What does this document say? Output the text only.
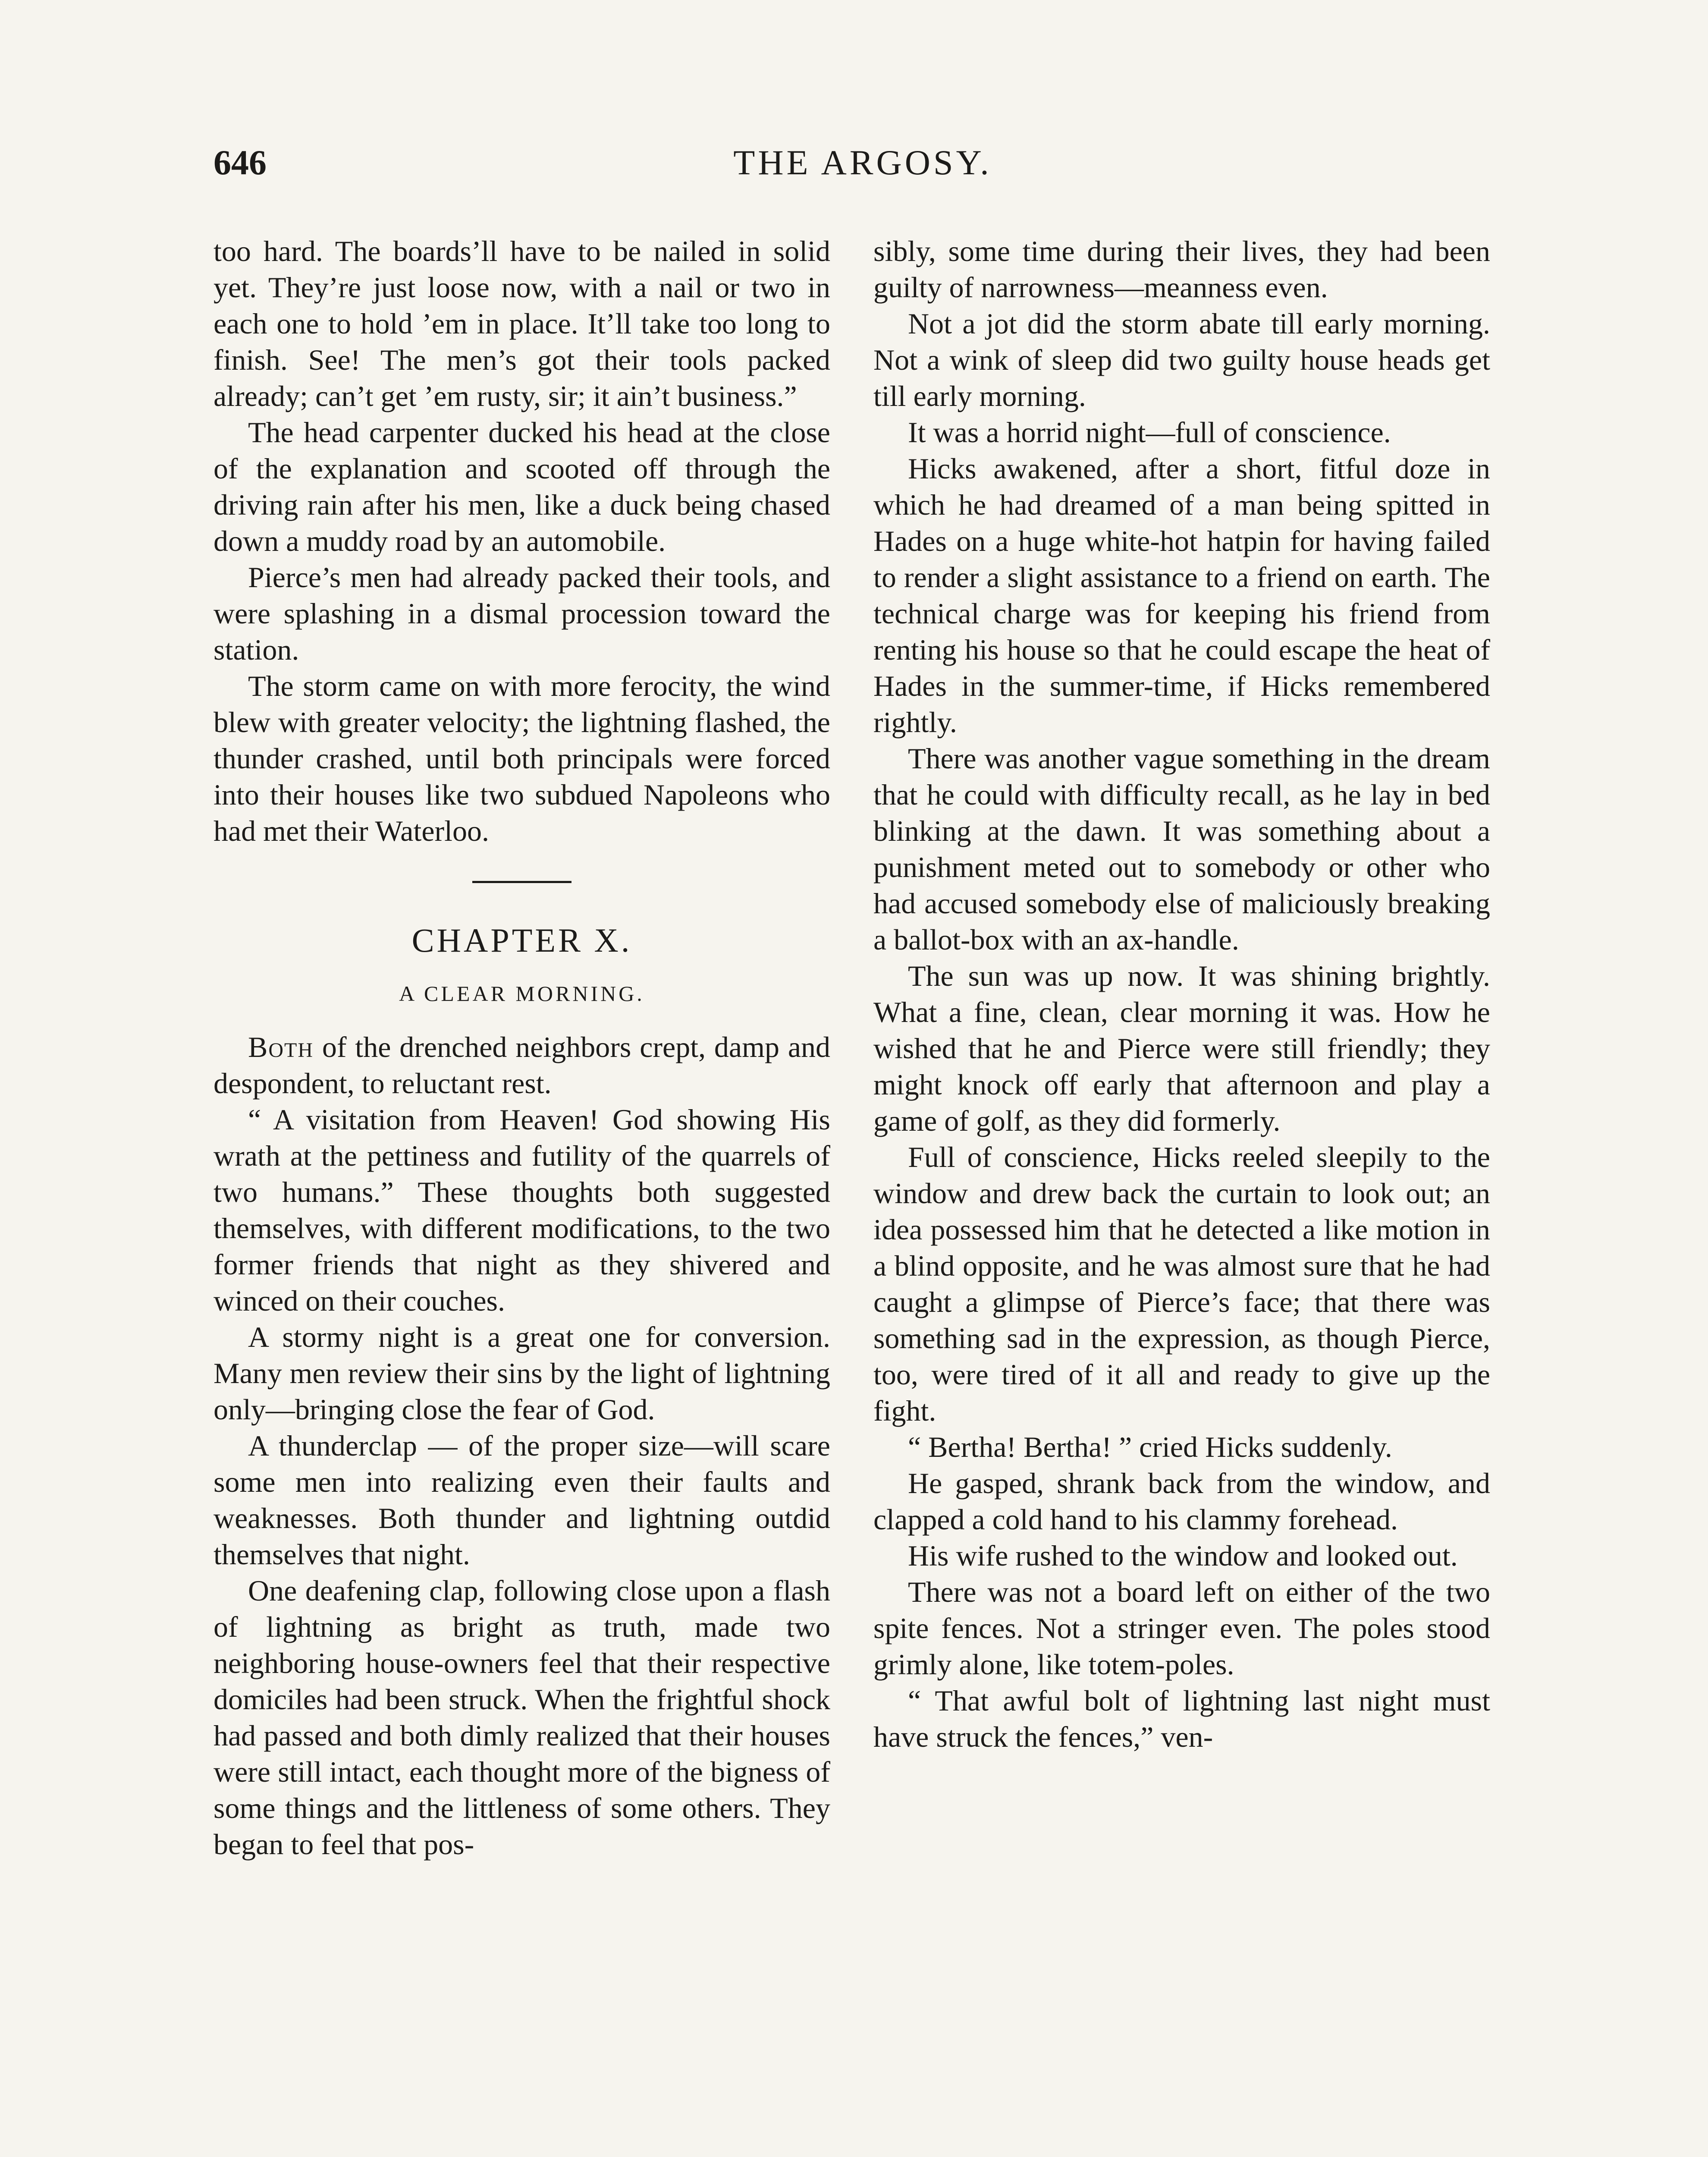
646	THE ARGOSY.

too hard. The boards’ll have to be nailed in solid yet. They’re just loose now, with a nail or two in each one to hold ’em in place. It’ll take too long to finish. See! The men’s got their tools packed already; can’t get ’em rusty, sir; it ain’t business.”

The head carpenter ducked his head at the close of the explanation and scooted off through the driving rain after his men, like a duck being chased down a muddy road by an automobile.

Pierce’s men had already packed their tools, and were splashing in a dismal procession toward the station.

The storm came on with more ferocity, the wind blew with greater velocity; the lightning flashed, the thunder crashed, until both principals were forced into their houses like two subdued Napoleons who had met their Waterloo.

CHAPTER X.
A CLEAR MORNING.

Both of the drenched neighbors crept, damp and despondent, to reluctant rest.

“ A visitation from Heaven! God showing His wrath at the pettiness and futility of the quarrels of two humans.” These thoughts both suggested themselves, with different modifications, to the two former friends that night as they shivered and winced on their couches.

A stormy night is a great one for conversion. Many men review their sins by the light of lightning only—bringing close the fear of God.

A thunderclap — of the proper size—will scare some men into realizing even their faults and weaknesses. Both thunder and lightning outdid themselves that night.

One deafening clap, following close upon a flash of lightning as bright as truth, made two neighboring house-owners feel that their respective domiciles had been struck. When the frightful shock had passed and both dimly realized that their houses were still intact, each thought more of the bigness of some things and the littleness of some others. They began to feel that pos-

sibly, some time during their lives, they had been guilty of narrowness—meanness even.

Not a jot did the storm abate till early morning. Not a wink of sleep did two guilty house heads get till early morning.

It was a horrid night—full of conscience.

Hicks awakened, after a short, fitful doze in which he had dreamed of a man being spitted in Hades on a huge white-hot hatpin for having failed to render a slight assistance to a friend on earth. The technical charge was for keeping his friend from renting his house so that he could escape the heat of Hades in the summer-time, if Hicks remembered rightly.

There was another vague something in the dream that he could with difficulty recall, as he lay in bed blinking at the dawn. It was something about a punishment meted out to somebody or other who had accused somebody else of maliciously breaking a ballot-box with an ax-handle.

The sun was up now. It was shining brightly. What a fine, clean, clear morning it was. How he wished that he and Pierce were still friendly; they might knock off early that afternoon and play a game of golf, as they did formerly.

Full of conscience, Hicks reeled sleepily to the window and drew back the curtain to look out; an idea possessed him that he detected a like motion in a blind opposite, and he was almost sure that he had caught a glimpse of Pierce’s face; that there was something sad in the expression, as though Pierce, too, were tired of it all and ready to give up the fight.

“ Bertha! Bertha! ” cried Hicks suddenly.

He gasped, shrank back from the window, and clapped a cold hand to his clammy forehead.

His wife rushed to the window and looked out.

There was not a board left on either of the two spite fences. Not a stringer even. The poles stood grimly alone, like totem-poles.

“ That awful bolt of lightning last night must have struck the fences,” ven-
